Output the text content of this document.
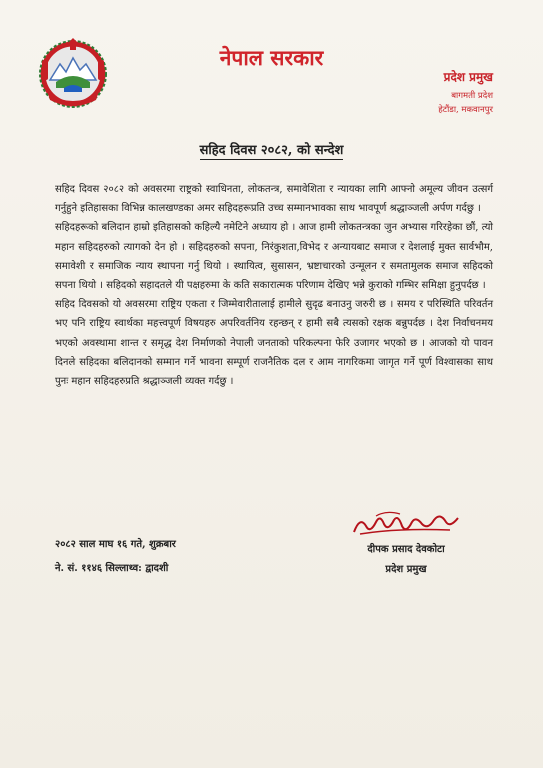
नेपाल सरकार
प्रदेश प्रमुख
बागमती प्रदेश
हेटौंडा, मकवानपुर
सहिद दिवस २०८२, को सन्देश

सहिद दिवस २०८२ को अवसरमा राष्ट्रको स्वाधिनता, लोकतन्त्र, समावेशिता र न्यायका लागि आफ्नो अमूल्य जीवन उत्सर्ग गर्नुहुने इतिहासका विभिन्न कालखण्डका अमर सहिदहरूप्रति उच्च सम्मानभावका साथ भावपूर्ण श्रद्धाञ्जली अर्पण गर्दछु ।

सहिदहरूको बलिदान हाम्रो इतिहासको कहिल्यै नमेटिने अध्याय हो । आज हामी लोकतन्त्रका जुन अभ्यास गरिरहेका छौं, त्यो महान सहिदहरुको त्यागको देन हो । सहिदहरुको सपना, निरंकुशता,विभेद र अन्यायबाट समाज र देशलाई मुक्त सार्वभौम, समावेशी र समाजिक न्याय स्थापना गर्नु थियो । स्थायित्व, सुसासन, भ्रष्टाचारको उन्मूलन र समतामुलक समाज सहिदको सपना थियो । सहिदको सहादतले यी पक्षहरुमा के कति सकारात्मक परिणाम देखिए भन्ने कुराको गम्भिर समिक्षा हुनुपर्दछ ।

सहिद दिवसको यो अवसरमा राष्ट्रिय एकता र जिम्मेवारीतालाई हामीले सुदृढ बनाउनु जरुरी छ । समय र परिस्थिति परिवर्तन भए पनि राष्ट्रिय स्वार्थका महत्त्वपूर्ण विषयहरु अपरिवर्तनिय रहन्छन् र हामी सबै त्यसको रक्षक बन्नुपर्दछ । देश निर्वाचनमय भएको अवस्थामा शान्त र समृद्ध देश निर्माणको नेपाली जनताको परिकल्पना फेरि उजागर भएको छ । आजको यो पावन दिनले सहिदका बलिदानको सम्मान गर्ने भावना सम्पूर्ण राजनैतिक दल र आम नागरिकमा जागृत गर्ने पूर्ण विश्वासका साथ पुनः महान सहिदहरुप्रति श्रद्धाञ्जली व्यक्त गर्दछु ।

२०८२ साल माघ १६ गते, शुक्रबार
ने. सं. ११४६ सिल्लाथ्व: द्वादशी
दीपक प्रसाद देवकोटा
प्रदेश प्रमुख
